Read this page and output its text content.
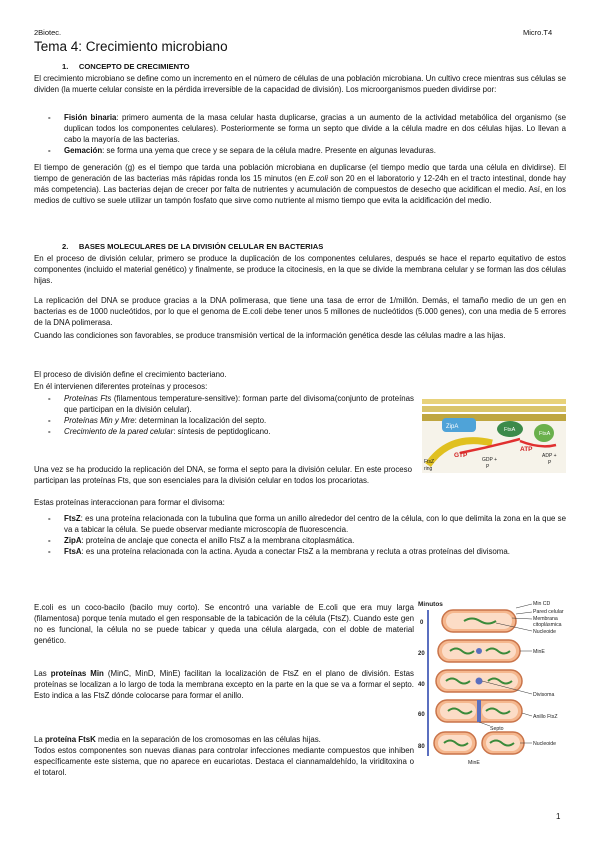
2Biotec.	Micro.T4
Tema 4: Crecimiento microbiano
1.     CONCEPTO DE CRECIMIENTO
El crecimiento microbiano se define como un incremento en el número de células de una población microbiana. Un cultivo crece mientras sus células se dividen (la muerte celular consiste en la pérdida irreversible de la capacidad de división). Los microorganismos pueden dividirse por:
- Fisión binaria: primero aumenta de la masa celular hasta duplicarse, gracias a un aumento de la actividad metabólica del organismo (se duplican todos los componentes celulares). Posteriormente se forma un septo que divide a la célula madre en dos células hijas. Lo llevan a cabo la mayoría de las bacterias.
- Gemación: se forma una yema que crece y se separa de la célula madre. Presente en algunas levaduras.
El tiempo de generación (g) es el tiempo que tarda una población microbiana en duplicarse (el tiempo medio que tarda una célula en dividirse). El tiempo de generación de las bacterias más rápidas ronda los 15 minutos (en E.coli son 20 en el laboratorio y 12-24h en el tracto intestinal, donde hay más competencia). Las bacterias dejan de crecer por falta de nutrientes y acumulación de compuestos de desecho que acidifican el medio. Así, en los medios de cultivo se suele utilizar un tampón fosfato que sirve como nutriente al mismo tiempo que evita la acidificación del medio.
2.     BASES MOLECULARES DE LA DIVISIÓN CELULAR EN BACTERIAS
En el proceso de división celular, primero se produce la duplicación de los componentes celulares, después se hace el reparto equitativo de estos componentes (incluido el material genético) y finalmente, se produce la citocinesis, en la que se divide la membrana celular y se forman las dos células hijas.
La replicación del DNA se produce gracias a la DNA polimerasa, que tiene una tasa de error de 1/millón. Demás, el tamaño medio de un gen en bacterias es de 1000 nucleótidos, por lo que el genoma de E.coli debe tener unos 5 millones de nucleótidos (5.000 genes), con una media de 5 errores de la DNA polimerasa.
Cuando las condiciones son favorables, se produce transmisión vertical de la información genética desde las células madre a las hijas.
El proceso de división define el crecimiento bacteriano.
En él intervienen diferentes proteínas y procesos:
- Proteínas Fts (filamentous temperature-sensitive): forman parte del divisoma(conjunto de proteínas que participan en la división celular).
- Proteínas Min y Mre: determinan la localización del septo.
- Crecimiento de la pared celular: síntesis de peptidoglicano.	ZipA	FtsA
FtsA
GTP
ATP
GDP +
P
ADP +
P
FtsZ
ring
Una vez se ha producido la replicación del DNA, se forma el septo para la división celular. En este proceso participan las proteínas Fts, que son esenciales para la división celular en todos los procariotas.
Estas proteínas interaccionan para formar el divisoma:
- FtsZ: es una proteína relacionada con la tubulina que forma un anillo alrededor del centro de la célula, con lo que delimita la zona en la que se va a tabicar la célula. Se puede observar mediante microscopía de fluorescencia.
- ZipA: proteína de anclaje que conecta el anillo FtsZ a la membrana citoplasmática.
- FtsA: es una proteína relacionada con la actina. Ayuda a conectar FtsZ a la membrana y recluta a otras proteínas del divisoma.
E.coli es un coco-bacilo (bacilo muy corto). Se encontró una variable de E.coli que era muy larga (filamentosa) porque tenía mutado el gen responsable de la tabicación de la célula (FtsZ). Cuando este gen no es funcional, la célula no se puede tabicar y queda una célula alargada, con el doble de material genético.
Las proteínas Min (MinC, MinD, MinE) facilitan la localización de FtsZ en el plano de división. Estas proteínas se localizan a lo largo de toda la membrana excepto en la parte en la que se va a formar el septo. Esto indica a las FtsZ dónde colocarse para formar el anillo.
La proteína FtsK media en la separación de los cromosomas en las células hijas.
Todos estos componentes son nuevas dianas para controlar infecciones mediante compuestos que inhiben específicamente este sistema, que no aparece en eucariotas. Destaca el ciannamaldehído, la viriditoxina o el totarol.
Minutos
0
20
40
60
80
Min CD
Pared celular
Membrana
citoplásmica
Nucleoide
MinE
Divisoma
Septo
Anillo FtsZ
Nucleoide
MinE
1
